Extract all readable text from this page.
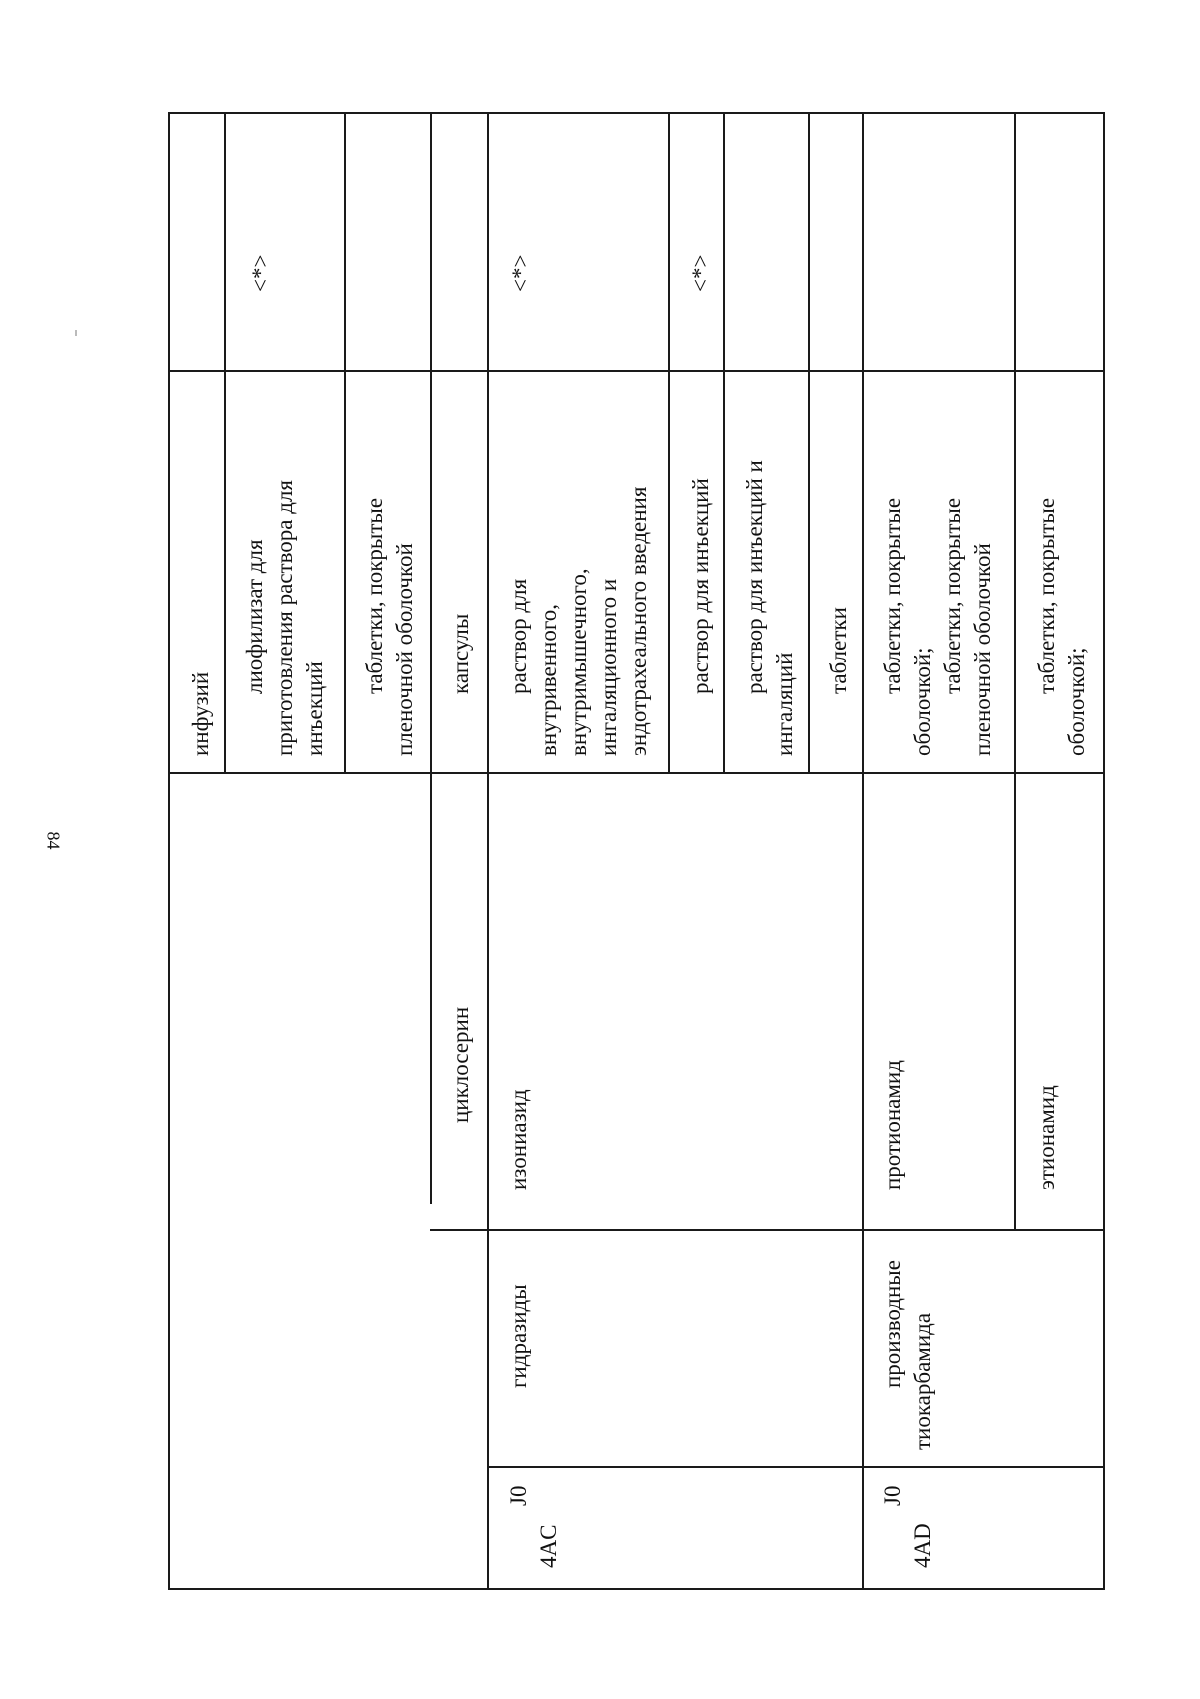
84
инфузий
лиофилизат для приготовления раствора для инъекций
<*>
таблетки, покрытые пленочной оболочкой
циклосерин
капсулы
J0
4AC
гидразиды
изониазид
раствор для внутривенного, внутримышечного, ингаляционного и эндотрахеального введения
<*>
раствор для инъекций
<*>
раствор для инъекций и
ингаляций
таблетки
J0
4AD
производные тиокарбамида
протионамид
таблетки, покрытые
оболочкой;
таблетки, покрытые пленочной оболочкой
этионамид
таблетки, покрытые
оболочкой;
